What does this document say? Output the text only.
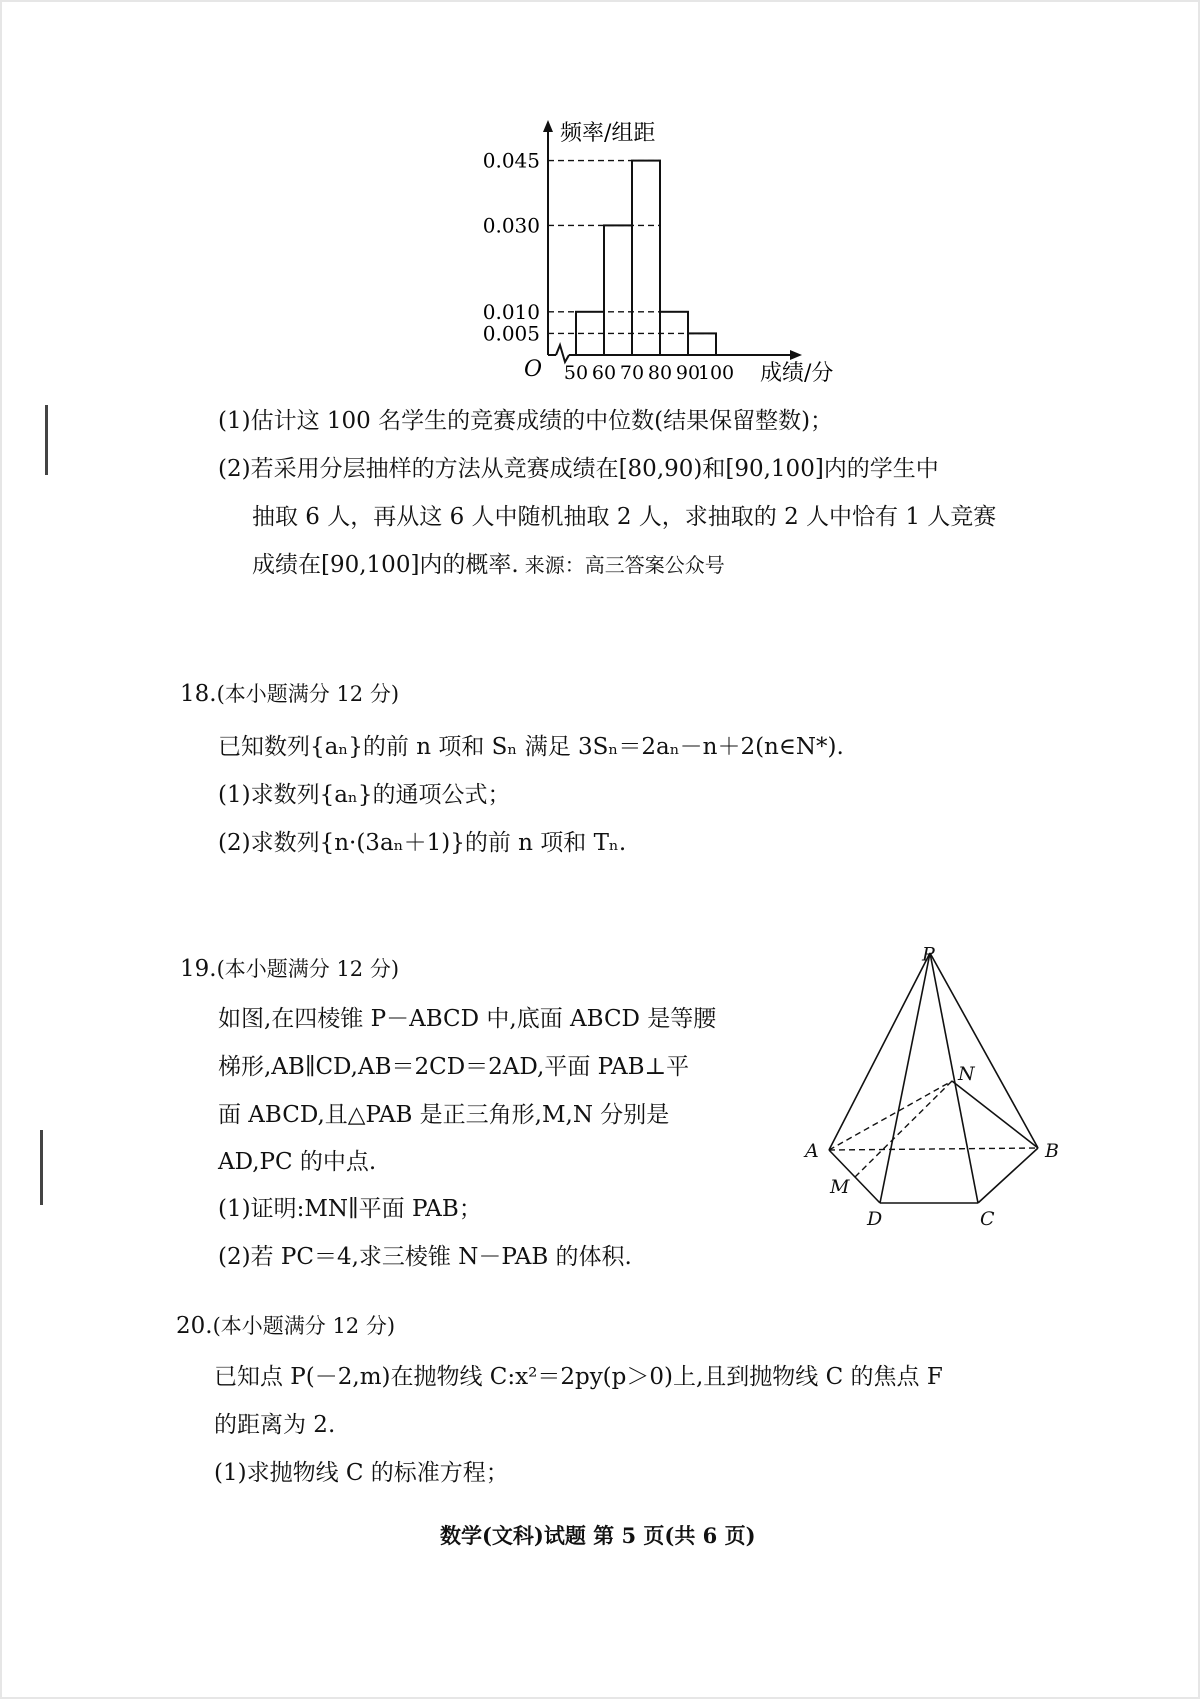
频率/组距
成绩/分
O
0.045
0.030
0.010
0.005
50 60 70 80 90
100
(1)估计这 100 名学生的竞赛成绩的中位数(结果保留整数)；
(2)若采用分层抽样的方法从竞赛成绩在[80,90)和[90,100]内的学生中
抽取 6 人，再从这 6 人中随机抽取 2 人，求抽取的 2 人中恰有 1 人竞赛
成绩在[90,100]内的概率. 来源：高三答案公众号
18.(本小题满分 12 分)
已知数列{aₙ}的前 n 项和 Sₙ 满足 3Sₙ＝2aₙ－n＋2(n∈N*).
(1)求数列{aₙ}的通项公式；
(2)求数列{n·(3aₙ＋1)}的前 n 项和 Tₙ.
19.(本小题满分 12 分)
如图,在四棱锥 P－ABCD 中,底面 ABCD 是等腰
梯形,AB∥CD,AB＝2CD＝2AD,平面 PAB⊥平
面 ABCD,且△PAB 是正三角形,M,N 分别是
AD,PC 的中点.
(1)证明:MN∥平面 PAB；
(2)若 PC＝4,求三棱锥 N－PAB 的体积.
P
N
A	B
M
D	C
20.(本小题满分 12 分)
已知点 P(－2,m)在抛物线 C:x²＝2py(p＞0)上,且到抛物线 C 的焦点 F
的距离为 2.
(1)求抛物线 C 的标准方程；
数学(文科)试题 第 5 页(共 6 页)
